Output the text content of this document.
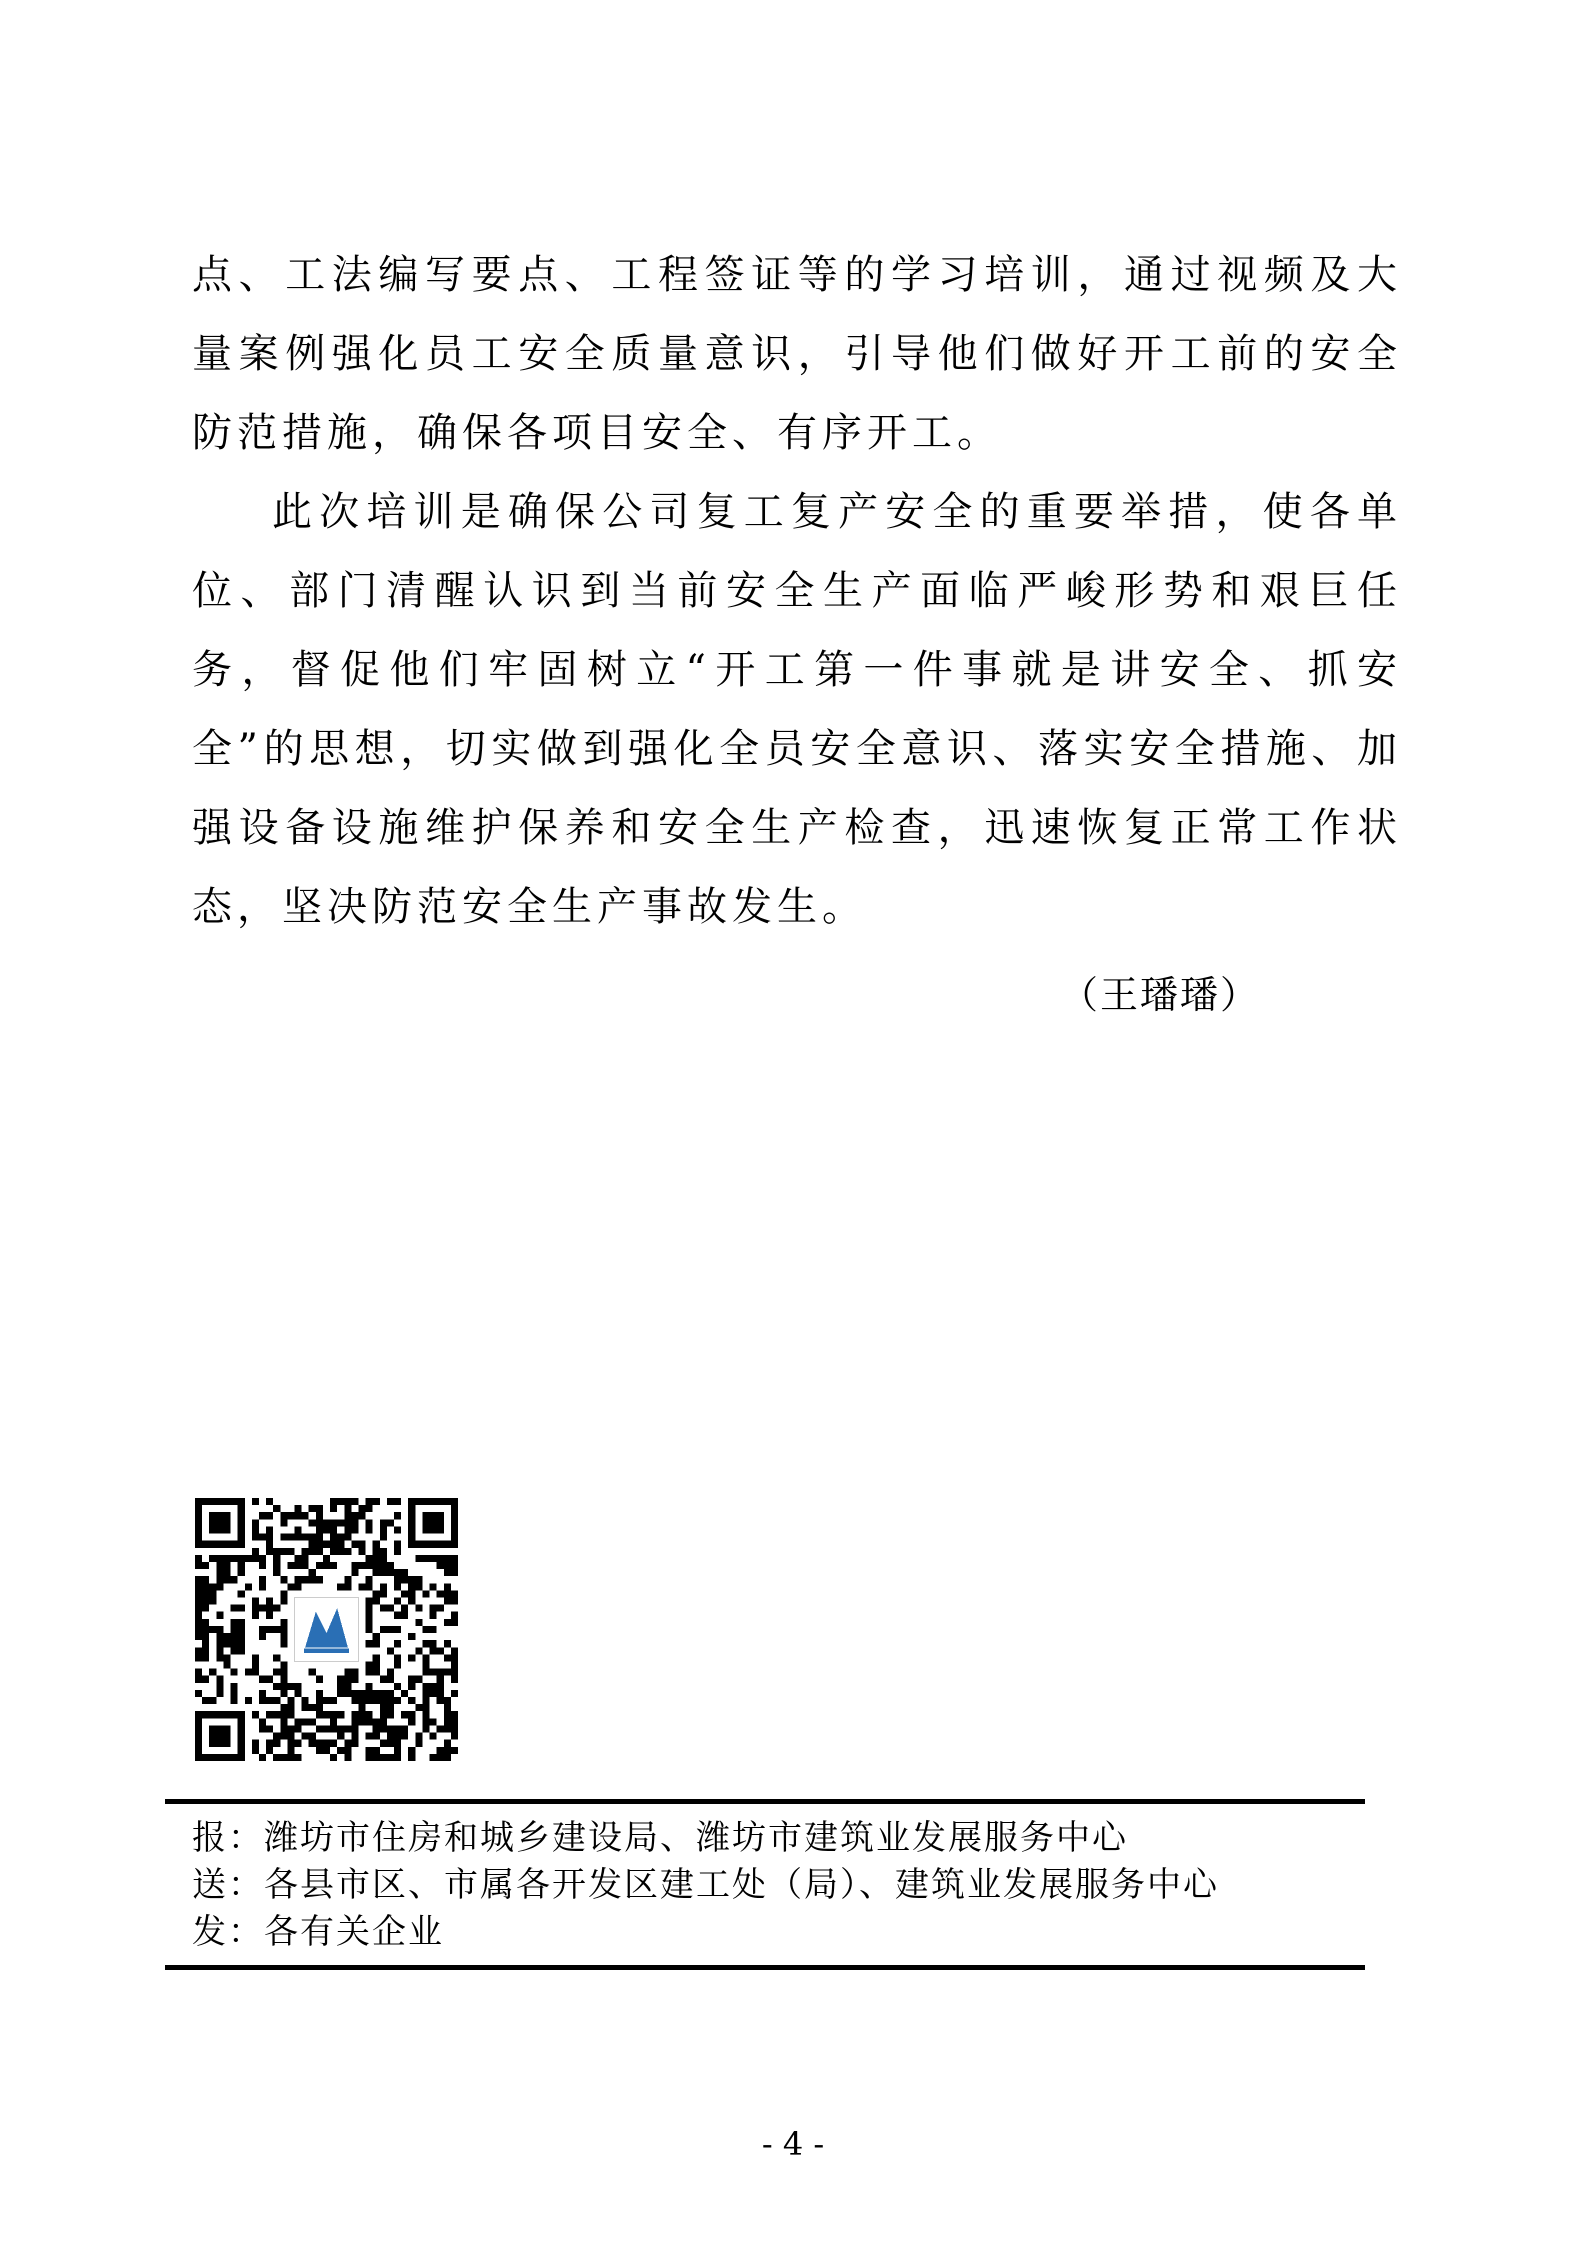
点、工法编写要点、工程签证等的学习培训，通过视频及大量案例强化员工安全质量意识，引导他们做好开工前的安全防范措施，确保各项目安全、有序开工。

此次培训是确保公司复工复产安全的重要举措，使各单位、部门清醒认识到当前安全生产面临严峻形势和艰巨任务，督促他们牢固树立“开工第一件事就是讲安全、抓安全”的思想，切实做到强化全员安全意识、落实安全措施、加强设备设施维护保养和安全生产检查，迅速恢复正常工作状态，坚决防范安全生产事故发生。

（王璠璠）
报：潍坊市住房和城乡建设局、潍坊市建筑业发展服务中心
送：各县市区、市属各开发区建工处（局）、建筑业发展服务中心
发：各有关企业
- 4 -
